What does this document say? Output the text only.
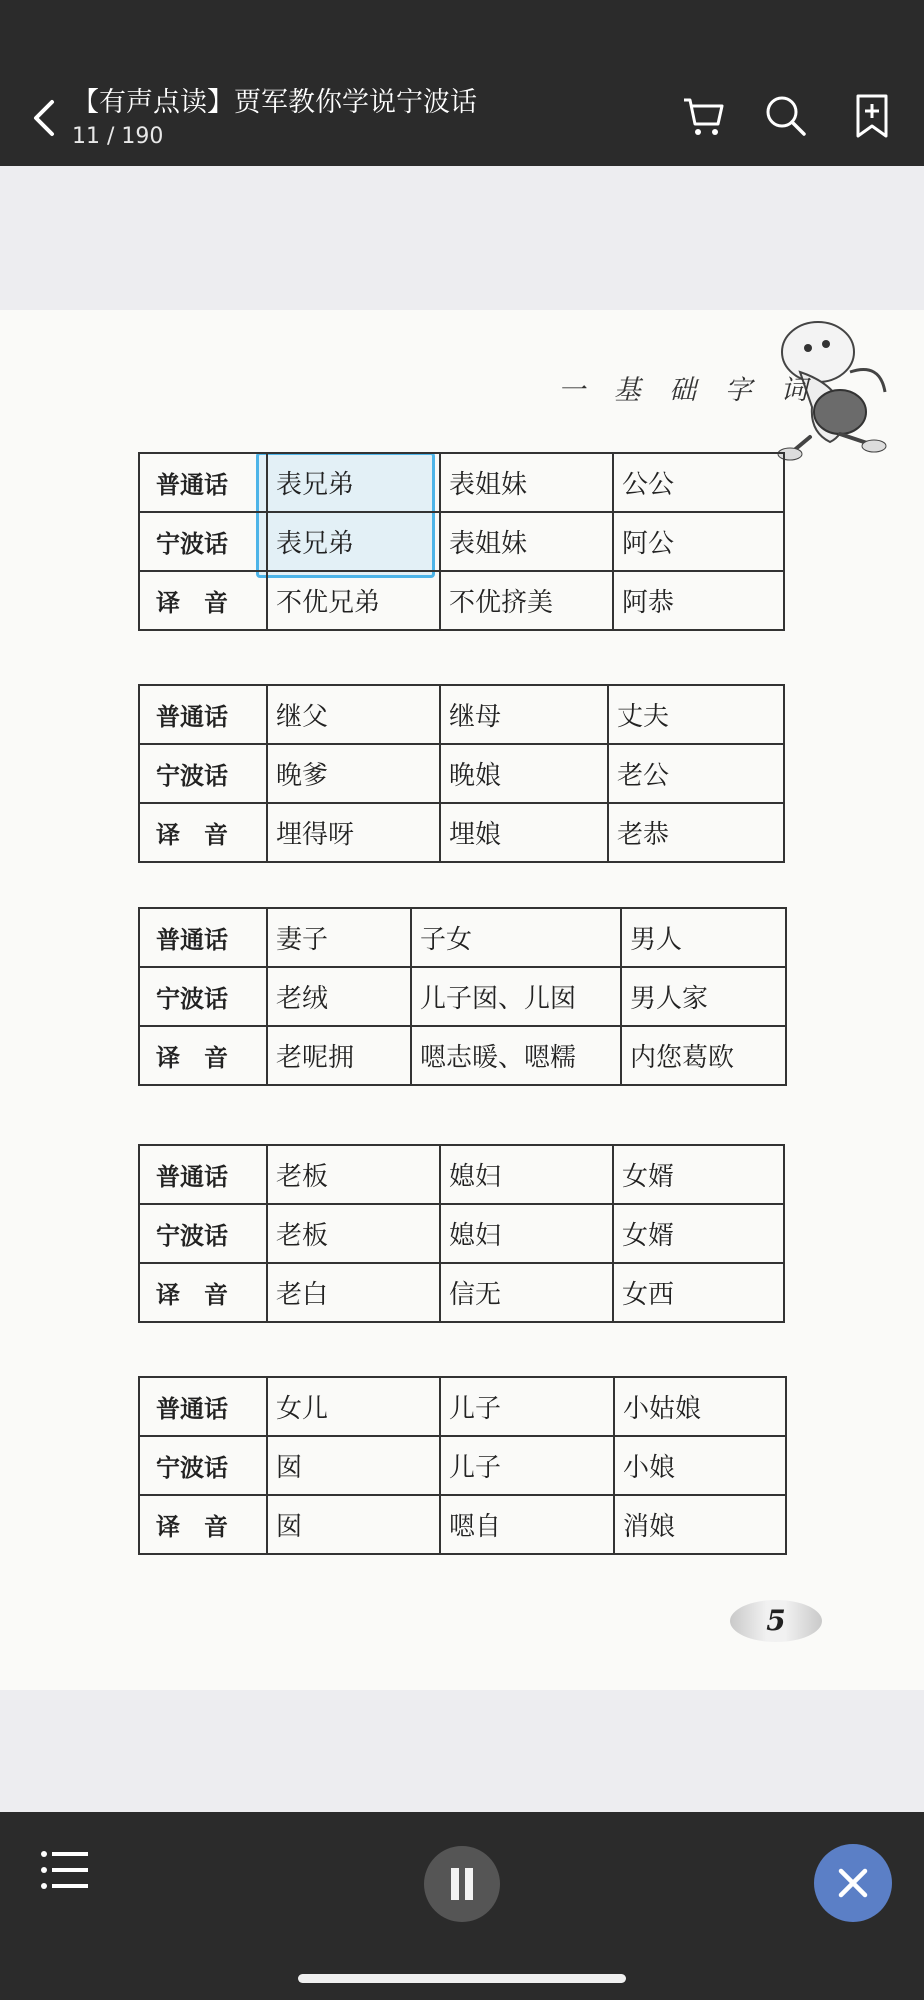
【有声点读】贾军教你学说宁波话
11 / 190
一 基 础 字 词
普通话	表兄弟	表姐妹	公公
宁波话	表兄弟	表姐妹	阿公
译　音	不优兄弟	不优挤美	阿恭
普通话	继父	继母	丈夫
宁波话	晚爹	晚娘	老公
译　音	埋得呀	埋娘	老恭
普通话	妻子	子女	男人
宁波话	老绒	儿子囡、儿囡	男人家
译　音	老呢拥	嗯志暖、嗯糯	内您葛欧
普通话	老板	媳妇	女婿
宁波话	老板	媳妇	女婿
译　音	老白	信无	女西
普通话	女儿	儿子	小姑娘
宁波话	囡	儿子	小娘
译　音	囡	嗯自	消娘
5
